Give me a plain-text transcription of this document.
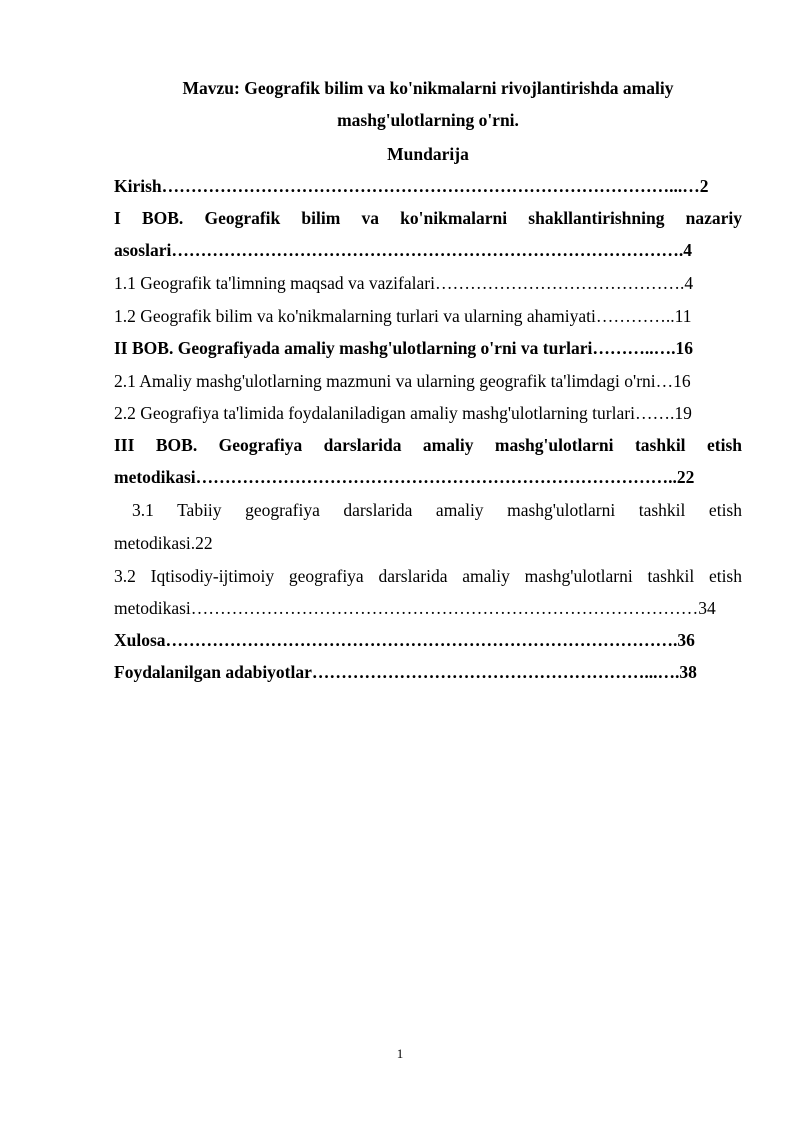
Mavzu: Geografik bilim va ko'nikmalarni rivojlantirishda amaliy
mashg'ulotlarning o'rni.
Mundarija
Kirish……………………………………………………………………………...…2
I BOB. Geografik bilim va ko'nikmalarni shakllantirishning nazariy
asoslari…………………………………………………………………………….4
1.1 Geografik ta'limning maqsad va vazifalari…………………………………….4
1.2 Geografik bilim va ko'nikmalarning turlari va ularning ahamiyati…………..11
II BOB. Geografiyada amaliy mashg'ulotlarning o'rni va turlari………..….16
2.1 Amaliy mashg'ulotlarning mazmuni va ularning geografik ta'limdagi o'rni…16
2.2 Geografiya ta'limida foydalaniladigan amaliy mashg'ulotlarning turlari…….19
III BOB. Geografiya darslarida amaliy mashg'ulotlarni tashkil etish
metodikasi………………………………………………………………………..22
3.1 Tabiiy geografiya darslarida amaliy mashg'ulotlarni tashkil etish
metodikasi.22
3.2 Iqtisodiy-ijtimoiy geografiya darslarida amaliy mashg'ulotlarni tashkil etish
metodikasi……………………………………………………………………………34
Xulosa…………………………………………………………………………….36
Foydalanilgan adabiyotlar…………………………………………………...….38
1
